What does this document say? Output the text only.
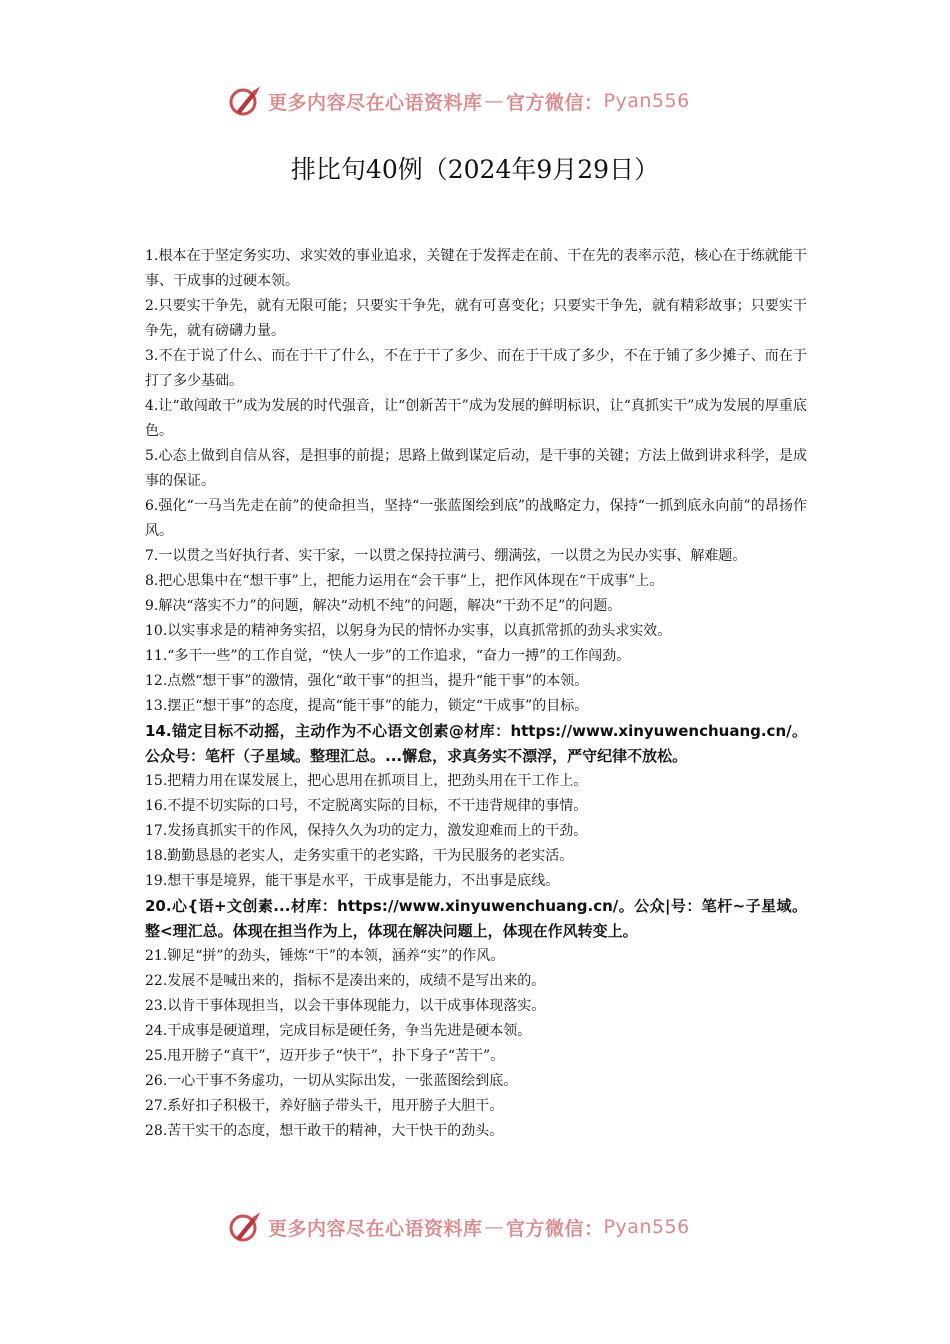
更多内容尽在心语资料库 — 官方微信： Pyan556
排比句40例（2024年9月29日）

1.根本在于坚定务实功、求实效的事业追求，关键在于发挥走在前、干在先的表率示范，核心在于练就能干事、干成事的过硬本领。

2.只要实干争先，就有无限可能；只要实干争先，就有可喜变化；只要实干争先，就有精彩故事；只要实干争先，就有磅礴力量。

3.不在于说了什么、而在于干了什么，不在于干了多少、而在于干成了多少，不在于铺了多少摊子、而在于打了多少基础。

4.让“敢闯敢干”成为发展的时代强音，让“创新苦干”成为发展的鲜明标识，让“真抓实干”成为发展的厚重底色。

5.心态上做到自信从容，是担事的前提；思路上做到谋定后动，是干事的关键；方法上做到讲求科学，是成事的保证。

6.强化“一马当先走在前”的使命担当，坚持“一张蓝图绘到底”的战略定力，保持“一抓到底永向前”的昂扬作风。

7.一以贯之当好执行者、实干家，一以贯之保持拉满弓、绷满弦，一以贯之为民办实事、解难题。

8.把心思集中在“想干事”上，把能力运用在“会干事”上，把作风体现在“干成事”上。

9.解决“落实不力”的问题，解决“动机不纯”的问题，解决“干劲不足”的问题。

10.以实事求是的精神务实招，以躬身为民的情怀办实事，以真抓常抓的劲头求实效。

11.“多干一些”的工作自觉，“快人一步”的工作追求，“奋力一搏”的工作闯劲。

12.点燃“想干事”的激情，强化“敢干事”的担当，提升“能干事”的本领。

13.摆正“想干事”的态度，提高“能干事”的能力，锁定“干成事”的目标。

14.锚定目标不动摇，主动作为不心语文创素@材库：https://www.xinyuwenchuang.cn/。公众号：笔杆（子星域。整理汇总。...懈怠，求真务实不漂浮，严守纪律不放松。

15.把精力用在谋发展上，把心思用在抓项目上，把劲头用在干工作上。

16.不提不切实际的口号，不定脱离实际的目标，不干违背规律的事情。

17.发扬真抓实干的作风，保持久久为功的定力，激发迎难而上的干劲。

18.勤勤恳恳的老实人，走务实重干的老实路，干为民服务的老实活。

19.想干事是境界，能干事是水平，干成事是能力，不出事是底线。

20.心{语+文创素...材库：https://www.xinyuwenchuang.cn/。公众|号：笔杆~子星域。整<理汇总。体现在担当作为上，体现在解决问题上，体现在作风转变上。

21.铆足“拼”的劲头，锤炼“干”的本领，涵养“实”的作风。

22.发展不是喊出来的，指标不是凑出来的，成绩不是写出来的。

23.以肯干事体现担当，以会干事体现能力，以干成事体现落实。

24.干成事是硬道理，完成目标是硬任务，争当先进是硬本领。

25.甩开膀子“真干”，迈开步子“快干”，扑下身子“苦干”。

26.一心干事不务虚功，一切从实际出发，一张蓝图绘到底。

27.系好扣子积极干，养好脑子带头干，甩开膀子大胆干。

28.苦干实干的态度，想干敢干的精神，大干快干的劲头。

更多内容尽在心语资料库 — 官方微信： Pyan556
